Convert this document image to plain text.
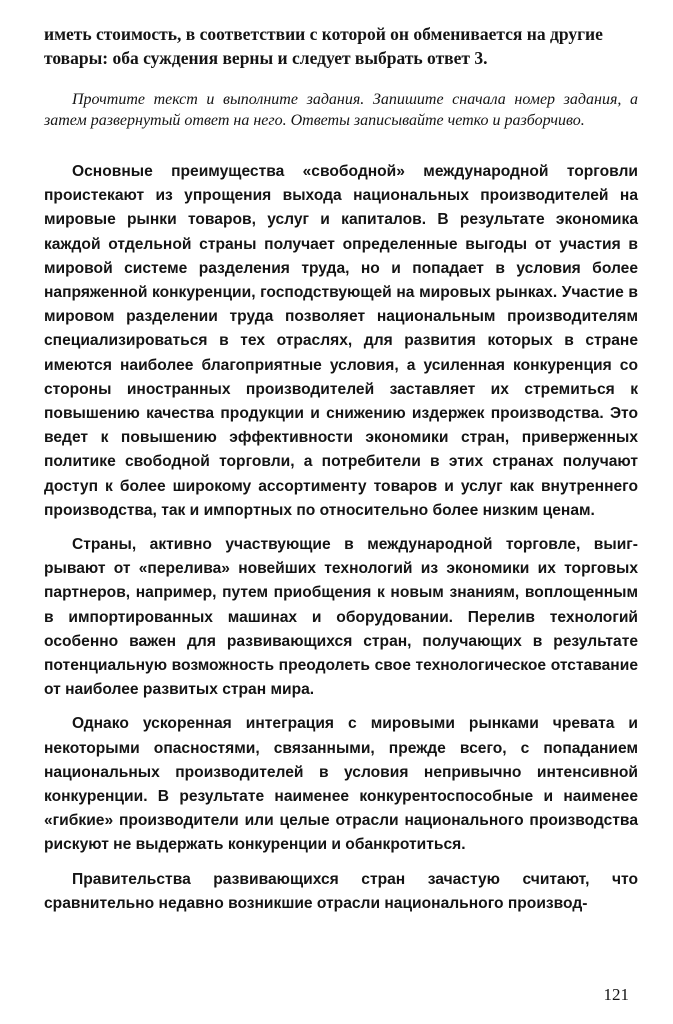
иметь стоимость, в соответствии с которой он обменивается на другие товары: оба суждения верны и следует выбрать ответ 3.

Прочтите текст и выполните задания. Запишите сначала номер задания, а затем развернутый ответ на него. Ответы записывайте четко и разборчиво.

Основные преимущества «свободной» международной торговли проистекают из упрощения выхода национальных производителей на мировые рынки товаров, услуг и капиталов. В результате экономика каждой отдельной страны получает определенные выгоды от участия в мировой системе разделения труда, но и попадает в условия более напряженной конкуренции, господствующей на мировых рынках. Участие в мировом разделении труда позволяет национальным производителям специализироваться в тех отраслях, для развития которых в стране имеются наиболее благоприятные условия, а усиленная конкуренция со стороны иностранных производителей заставляет их стремиться к повышению качества продукции и снижению издержек производства. Это ведет к повышению эффективности экономики стран, приверженных политике свободной торговли, а потребители в этих странах получают доступ к более широкому ассортименту товаров и услуг как внутреннего производства, так и импортных по относительно более низким ценам.

Страны, активно участвующие в международной торговле, выигрывают от «перелива» новейших технологий из экономики их торговых партнеров, например, путем приобщения к новым знаниям, воплощенным в импортированных машинах и оборудовании. Перелив технологий особенно важен для развивающихся стран, получающих в результате потенциальную возможность преодолеть свое технологическое отставание от наиболее развитых стран мира.

Однако ускоренная интеграция с мировыми рынками чревата и некоторыми опасностями, связанными, прежде всего, с попаданием национальных производителей в условия непривычно интенсивной конкуренции. В результате наименее конкурентоспособные и наименее «гибкие» производители или целые отрасли национального производства рискуют не выдержать конкуренции и обанкротиться.

Правительства развивающихся стран зачастую считают, что сравнительно недавно возникшие отрасли национального производ-

121
